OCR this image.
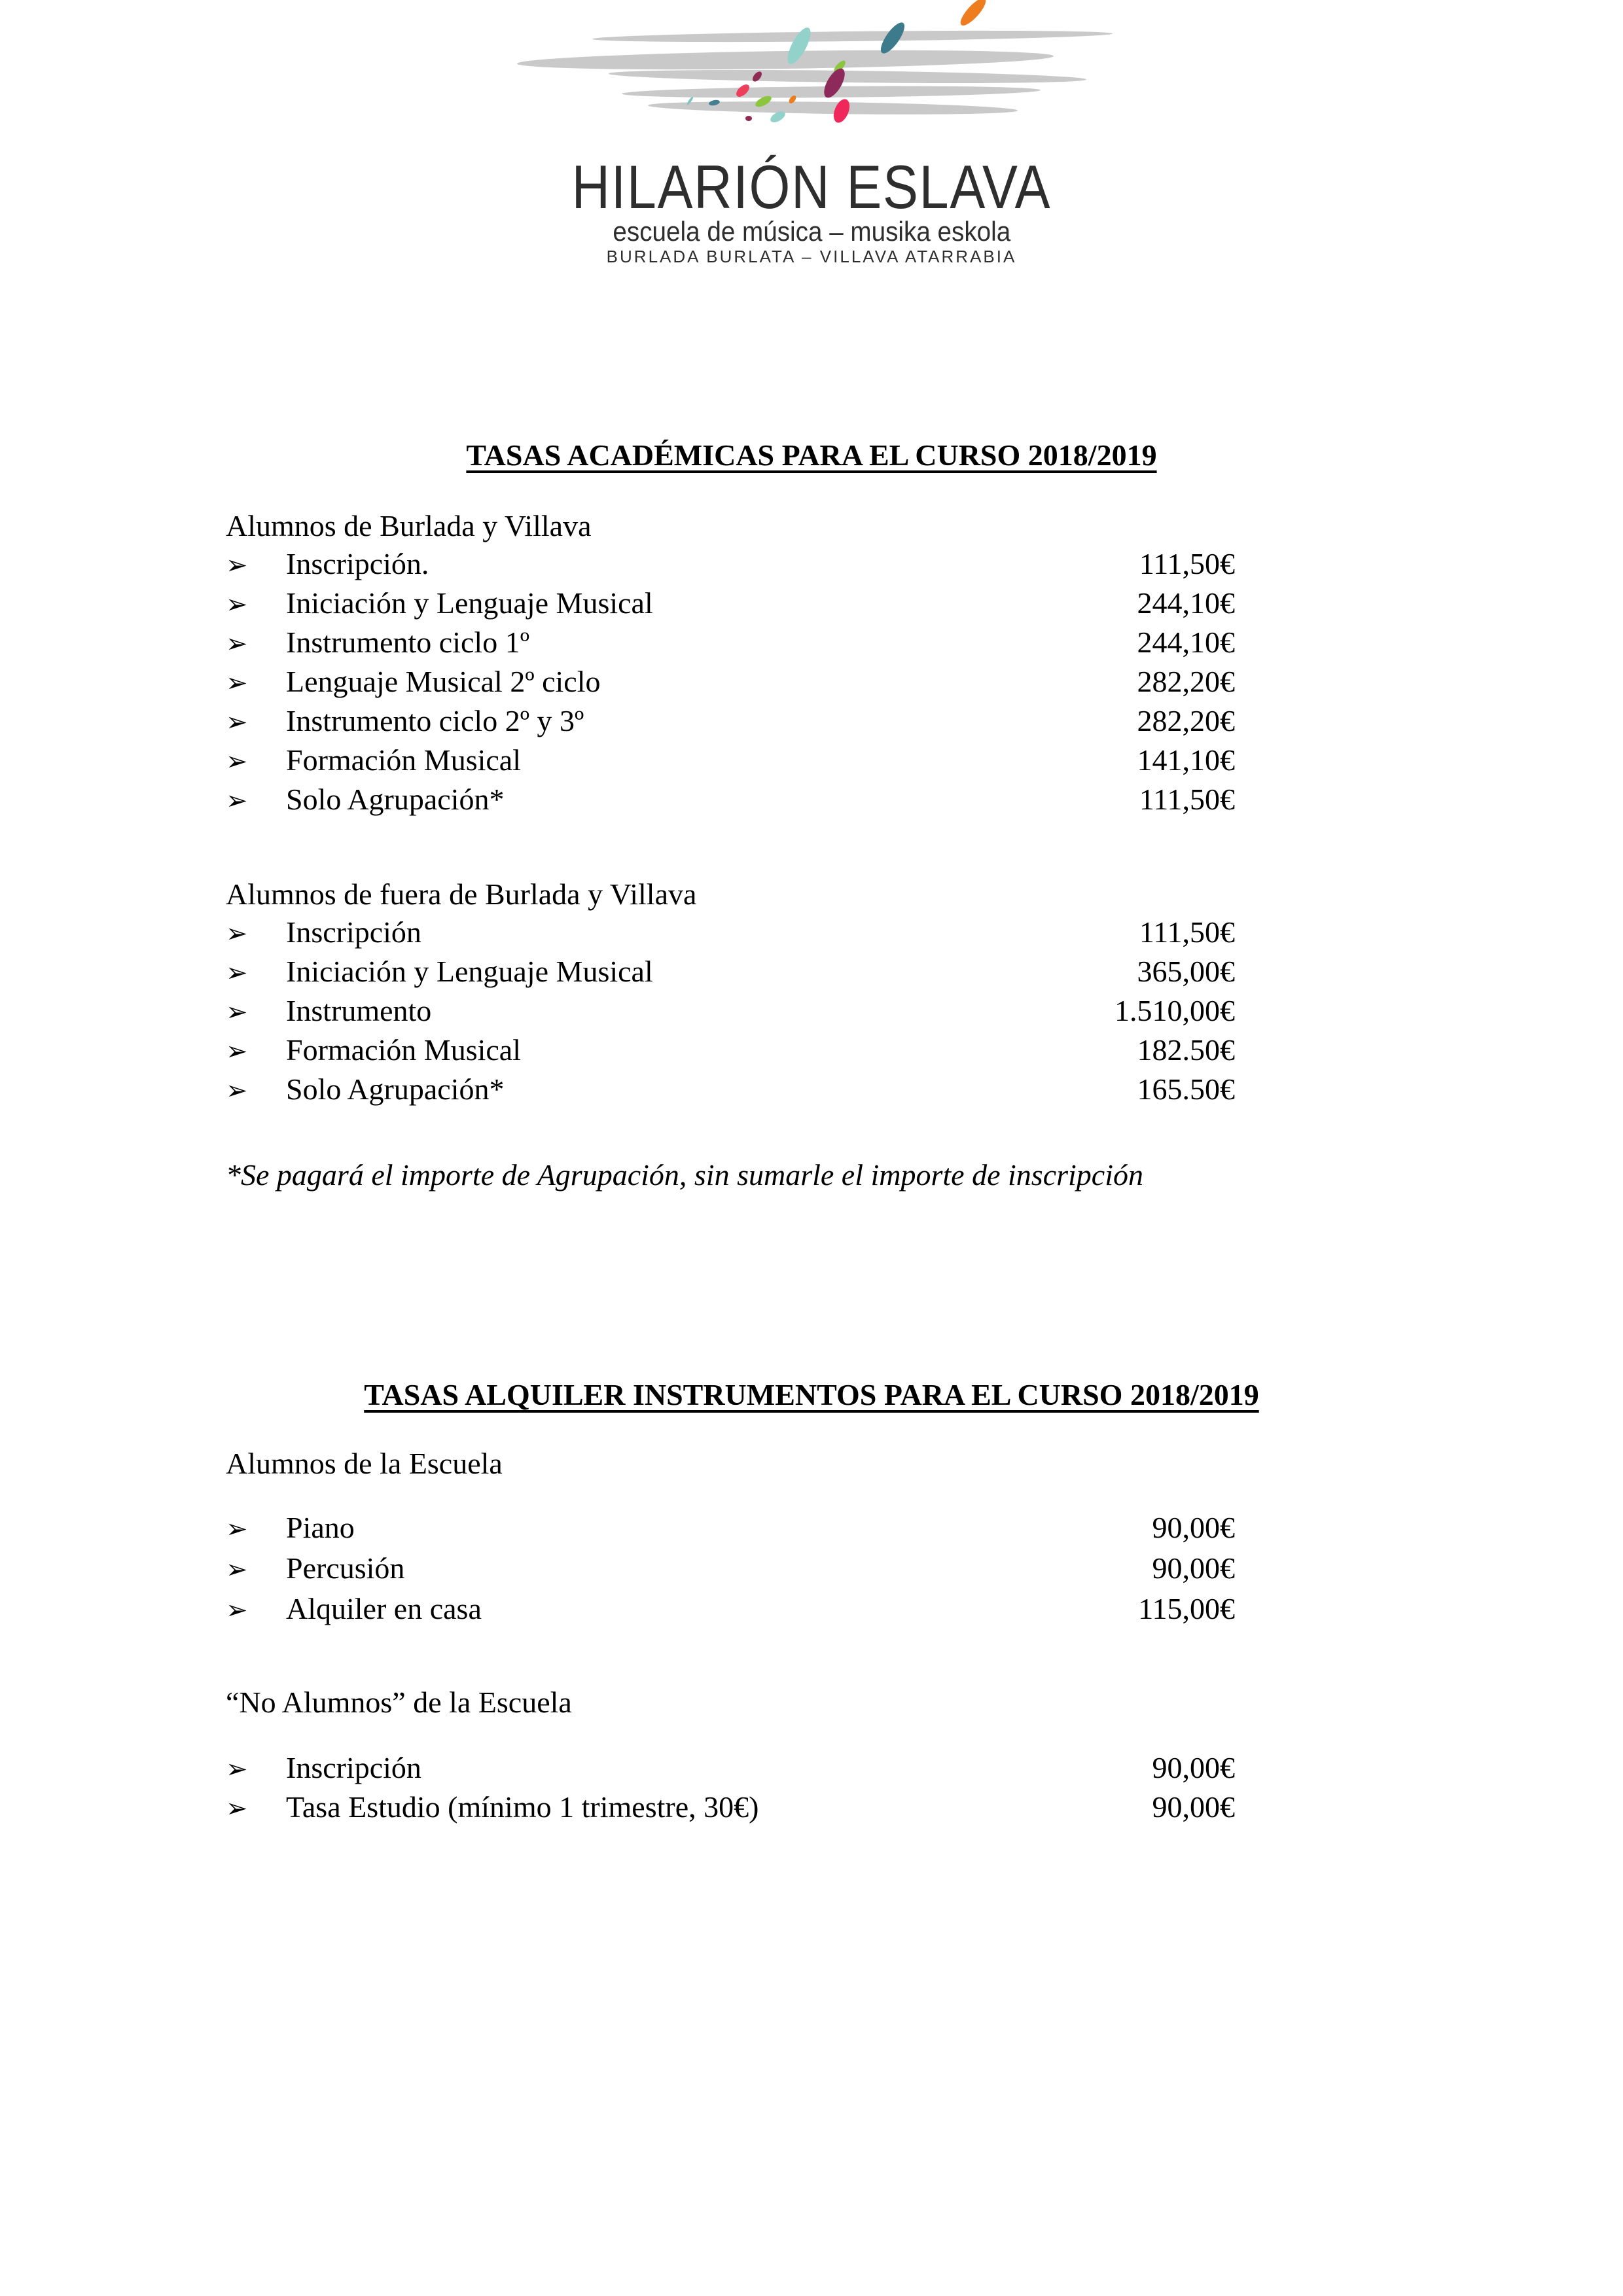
HILARIÓN ESLAVA
escuela de música – musika eskola
BURLADA BURLATA – VILLAVA ATARRABIA
TASAS ACADÉMICAS PARA EL CURSO 2018/2019
Alumnos de Burlada y Villava
➢	Inscripción.	111,50€
➢	Iniciación y Lenguaje Musical	244,10€
➢	Instrumento ciclo 1º	244,10€
➢	Lenguaje Musical 2º ciclo	282,20€
➢	Instrumento ciclo 2º y 3º	282,20€
➢	Formación Musical	141,10€
➢	Solo Agrupación*	111,50€
Alumnos de fuera de Burlada y Villava
➢	Inscripción	111,50€
➢	Iniciación y Lenguaje Musical	365,00€
➢	Instrumento	1.510,00€
➢	Formación Musical	182.50€
➢	Solo Agrupación*	165.50€
*Se pagará el importe de Agrupación, sin sumarle el importe de inscripción
TASAS ALQUILER INSTRUMENTOS PARA EL CURSO 2018/2019
Alumnos de la Escuela
➢	Piano	90,00€
➢	Percusión	90,00€
➢	Alquiler en casa	115,00€
“No Alumnos” de la Escuela
➢	Inscripción	90,00€
➢	Tasa Estudio (mínimo 1 trimestre, 30€)	90,00€
